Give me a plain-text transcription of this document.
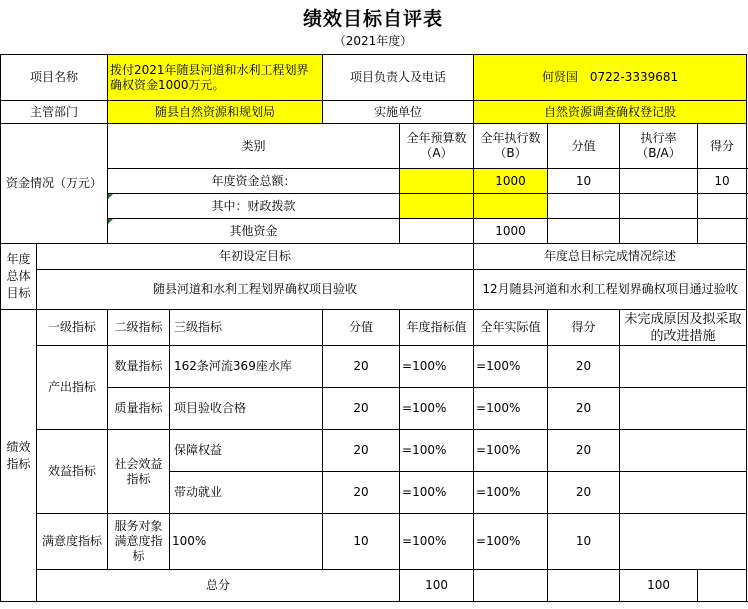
绩效目标自评表
（2021年度）
项目名称		拨付2021年随县河道和水利工程划界确权资金1000万元。		项目负责人及电话		何贤国　0722-3339681			
主管部门		随县自然资源和规划局		实施单位		自然资源调查确权登记股			
资金情况（万元）		类别			全年预算数（A）	全年执行数（B）	分值	执行率（B/A）	得分
		年度资金总额：				1000	10		10
		其中：财政拨款							
		其他资金				1000			
年度总体目标	年初设定目标					年度总目标完成情况综述			
	随县河道和水利工程划界确权项目验收					12月随县河道和水利工程划界确权项目通过验收			
绩效指标	一级指标	二级指标	三级指标	分值	年度指标值	全年实际值	得分	未完成原因及拟采取的改进措施	
	产出指标	数量指标	162条河流369座水库	20	=100%	=100%	20		
		质量指标	项目验收合格	20	=100%	=100%	20		
	效益指标	社会效益指标	保障权益	20	=100%	=100%	20		
			带动就业	20	=100%	=100%	20		
	满意度指标	服务对象满意度指标	100%	10	=100%	=100%	10		
	总分				100			100	
